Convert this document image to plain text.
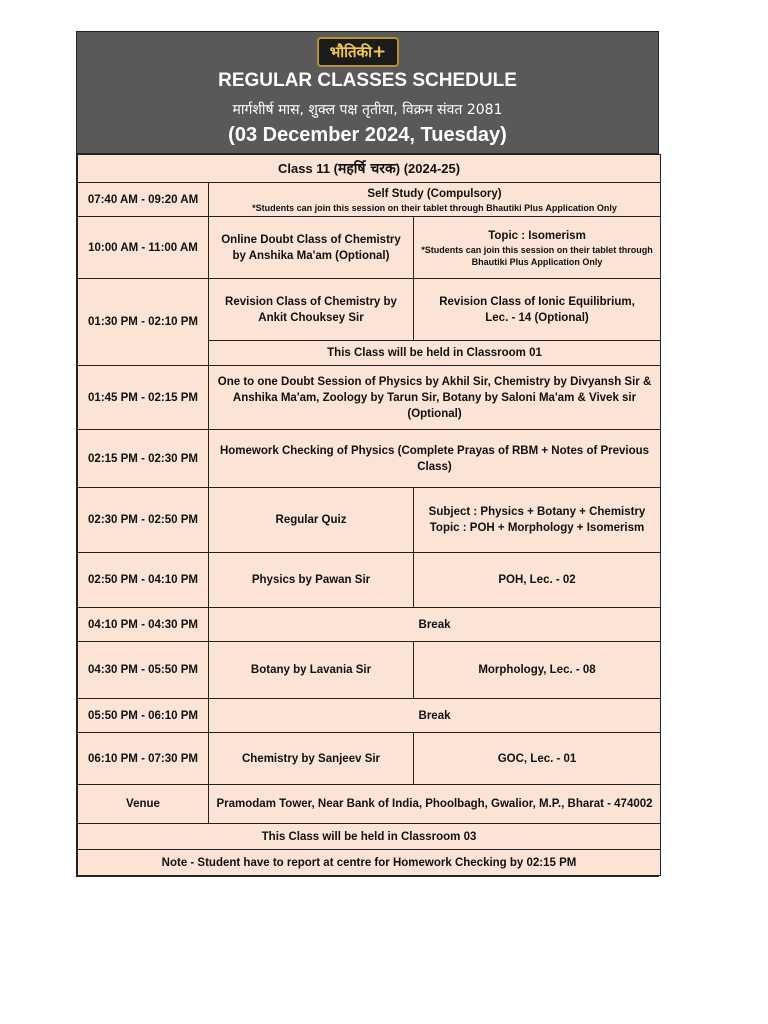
भौतिकी+
REGULAR CLASSES SCHEDULE
मार्गशीर्ष मास, शुक्ल पक्ष तृतीया, विक्रम संवत 2081
(03 December 2024, Tuesday)
Class 11 (महर्षि चरक) (2024-25)		
07:40 AM - 09:20 AM	Self Study (Compulsory)
*Students can join this session on their tablet through Bhautiki Plus Application Only	

10:00 AM - 11:00 AM	Online Doubt Class of Chemistry by Anshika Ma'am (Optional)	Topic : Isomerism
*Students can join this session on their tablet through Bhautiki Plus Application Only

01:30 PM - 02:10 PM	Revision Class of Chemistry by Ankit Chouksey Sir	Revision Class of Ionic Equilibrium,
Lec. - 14 (Optional)

	This Class will be held in Classroom 01	
01:45 PM - 02:15 PM	One to one Doubt Session of Physics by Akhil Sir, Chemistry by Divyansh Sir & Anshika Ma'am, Zoology by Tarun Sir, Botany by Saloni Ma'am & Vivek sir (Optional)	
02:15 PM - 02:30 PM	Homework Checking of Physics (Complete Prayas of RBM + Notes of Previous Class)	
02:30 PM - 02:50 PM	Regular Quiz	Subject : Physics + Botany + Chemistry
Topic : POH + Morphology + Isomerism

02:50 PM - 04:10 PM	Physics by Pawan Sir	POH, Lec. - 02
04:10 PM - 04:30 PM	Break	
04:30 PM - 05:50 PM	Botany by Lavania Sir	Morphology, Lec. - 08
05:50 PM - 06:10 PM	Break	
06:10 PM - 07:30 PM	Chemistry by Sanjeev Sir	GOC, Lec. - 01
Venue	Pramodam Tower, Near Bank of India, Phoolbagh, Gwalior, M.P., Bharat - 474002	
This Class will be held in Classroom 03		
Note - Student have to report at centre for Homework Checking by 02:15 PM		
